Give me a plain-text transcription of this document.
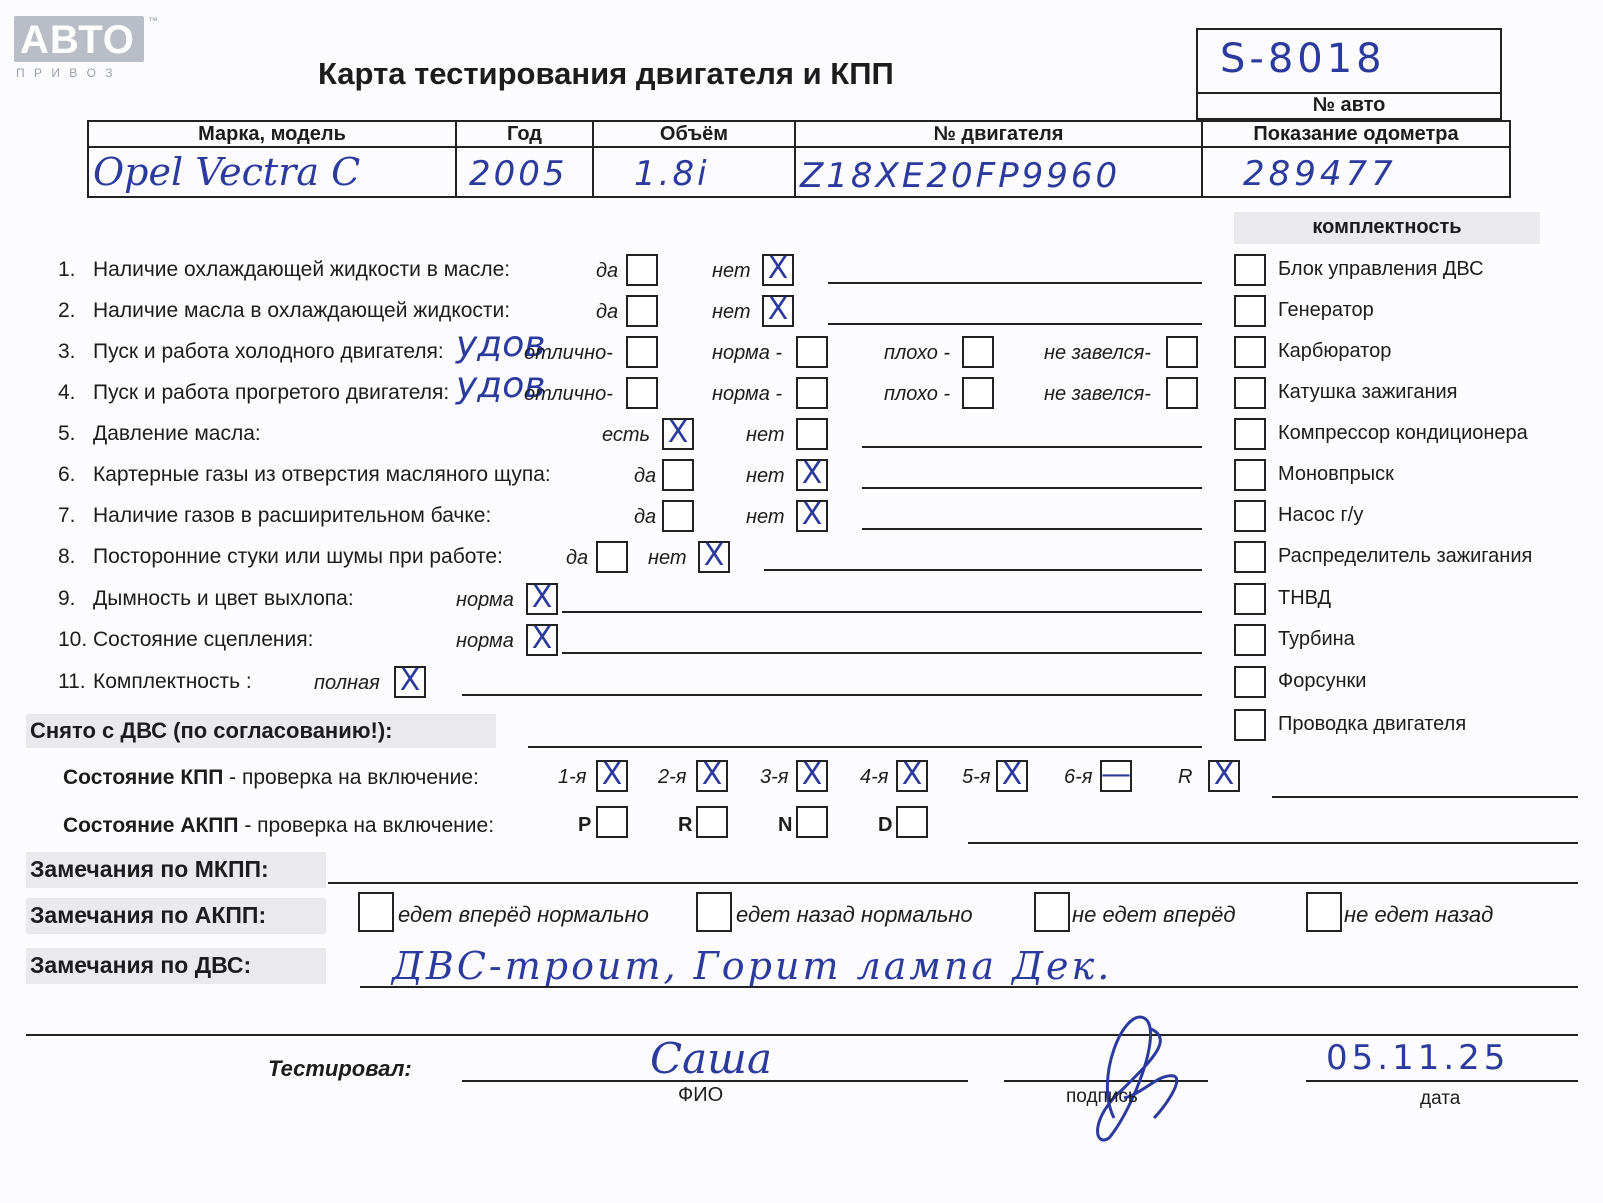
АВТО
П Р И В О З
™
Карта тестирования двигателя и КПП	S-8018
№ авто
Марка, модель	Год	Объём	№ двигателя	Показание одометра

Opel Vectra C	2005	1.8i	Z18XE20FP9960	289477
комплектность
Блок управления ДВС
Генератор
Карбюратор
Катушка зажигания
Компрессор кондиционера
Моновпрыск
Насос г/у
Распределитель зажигания
ТНВД
Турбина
Форсунки
Проводка двигателя
1. Наличие охлаждающей жидкости в масле:	да	нет X
2. Наличие масла в охлаждающей жидкости:	да	нет X
3. Пуск и работа холодного двигателя: удов
отлично-	норма -	плохо -	не завелся-
4. Пуск и работа прогретого двигателя: удов
отлично-	норма -	плохо -	не завелся-
5. Давление масла:	есть X	нет
6. Картерные газы из отверстия масляного щупа:	да	нет X
7. Наличие газов в расширительном бачке:	да	нет X
8. Посторонние стуки или шумы при работе:	да	нет X
9. Дымность и цвет выхлопа:	норма X
10. Состояние сцепления:	норма X
11. Комплектность :	полная X
Снято с ДВС (по согласованию!):
Состояние КПП - проверка на включение:	1-я X 2-я X 3-я X 4-я X 5-я X 6-я — R X
Состояние АКПП - проверка на включение:	P	R	N	D
Замечания по МКПП:
Замечания по АКПП:	едет вперёд нормально	едет назад нормально	не едет вперёд	не едет назад
Замечания по ДВС:	ДВС-троит, Горит лампа Дек.
Тестировал:	Саша
ФИО	подпись
05.11.25
дата
